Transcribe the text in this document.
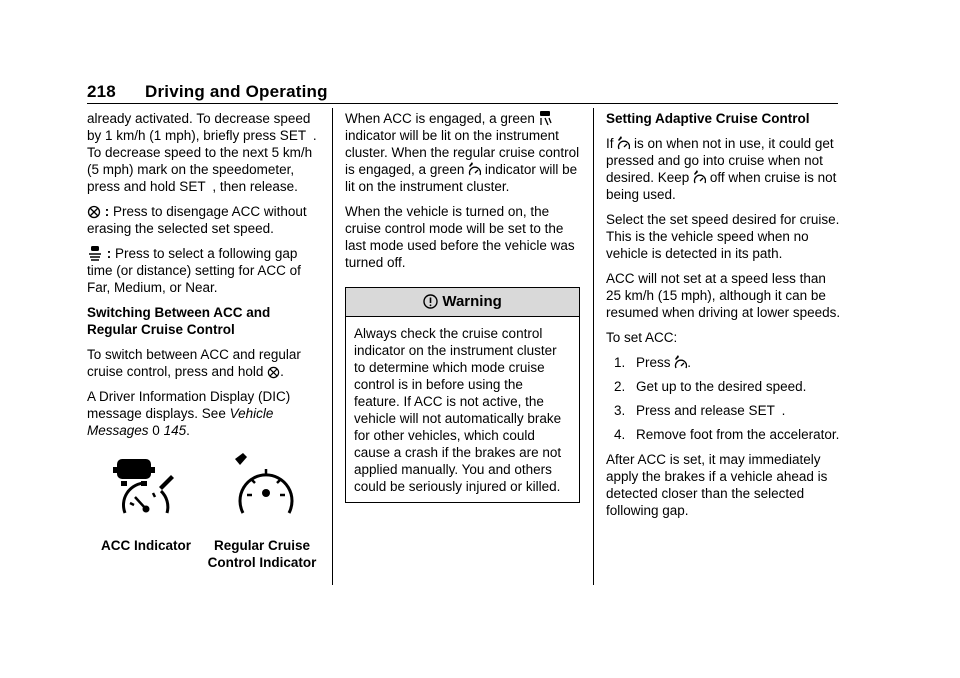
218 Driving and Operating

already activated. To decrease speed by 1 km/h (1 mph), briefly press SET . To decrease speed to the next 5 km/h (5 mph) mark on the speedometer, press and hold SET , then release.

: Press to disengage ACC without erasing the selected set speed.

: Press to select a following gap time (or distance) setting for ACC of Far, Medium, or Near.

Switching Between ACC and Regular Cruise Control

To switch between ACC and regular cruise control, press and hold .

A Driver Information Display (DIC) message displays. See Vehicle Messages 0 145.

ACC Indicator	Regular Cruise
Control Indicator

When ACC is engaged, a green  indicator will be lit on the instrument cluster. When the regular cruise control is engaged, a green indicator will be lit on the instrument cluster.

When the vehicle is turned on, the cruise control mode will be set to the last mode used before the vehicle was turned off.

Warning
Always check the cruise control indicator on the instrument cluster to determine which mode cruise control is in before using the feature. If ACC is not active, the vehicle will not automatically brake for other vehicles, which could cause a crash if the brakes are not applied manually. You and others could be seriously injured or killed.

Setting Adaptive Cruise Control

If is on when not in use, it could get pressed and go into cruise when not desired. Keep off when cruise is not being used.

Select the set speed desired for cruise. This is the vehicle speed when no vehicle is detected in its path.

ACC will not set at a speed less than 25 km/h (15 mph), although it can be resumed when driving at lower speeds.

To set ACC:

1. Press .
2. Get up to the desired speed.
3. Press and release SET .
4. Remove foot from the accelerator.

After ACC is set, it may immediately apply the brakes if a vehicle ahead is detected closer than the selected following gap.
